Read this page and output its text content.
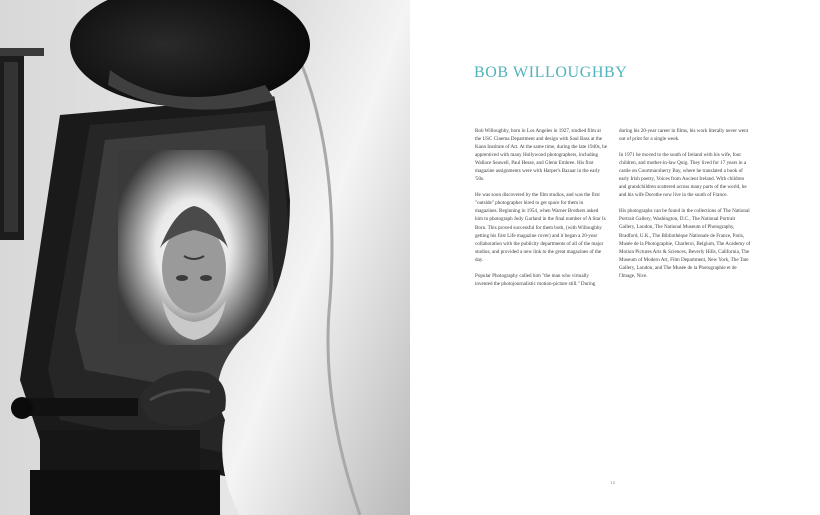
BOB WILLOUGHBY

Bob Willoughby, born in Los Angeles in 1927, studied film at the USC Cinema Department and design with Saul Bass at the Kann Institute of Art. At the same time, during the late 1940s, he apprenticed with many Hollywood photographers, including Wallace Seawell, Paul Hesse, and Glenn Embree. His first magazine assignments were with Harper's Bazaar in the early '50s.

He was soon discovered by the film studios, and was the first "outside" photographer hired to get space for them in magazines. Beginning in 1954, when Warner Brothers asked him to photograph Judy Garland in the final number of A Star Is Born. This proved successful for them both, (with Willoughby getting his first Life magazine cover) and it began a 20-year collaboration with the publicity departments of all of the major studios, and provided a new link to the great magazines of the day.

Popular Photography called him "the man who virtually invented the photojournalistic motion-picture still." During

during his 20-year career in films, his work literally never went out of print for a single week.

In 1971 he moved to the south of Ireland with his wife, four children, and mother-in-law Quig. They lived for 17 years in a castle on Courtmacsherry Bay, where he translated a book of early Irish poetry, Voices from Ancient Ireland. With children and grandchildren scattered across many parts of the world, he and his wife Dorothe now live in the south of France.

His photographs can be found in the collections of The National Portrait Gallery, Washington, D.C., The National Portrait Gallery, London, The National Museum of Photography, Bradford, U.K., The Bibliothèque Nationale de France, Paris, Musée de la Photographie, Charleroi, Belgium, The Academy of Motion Pictures Arts & Sciences, Beverly Hills, California, The Museum of Modern Art, Film Department, New York, The Tate Gallery, London, and The Musée de la Photographie et de l'Image, Nice.

12
